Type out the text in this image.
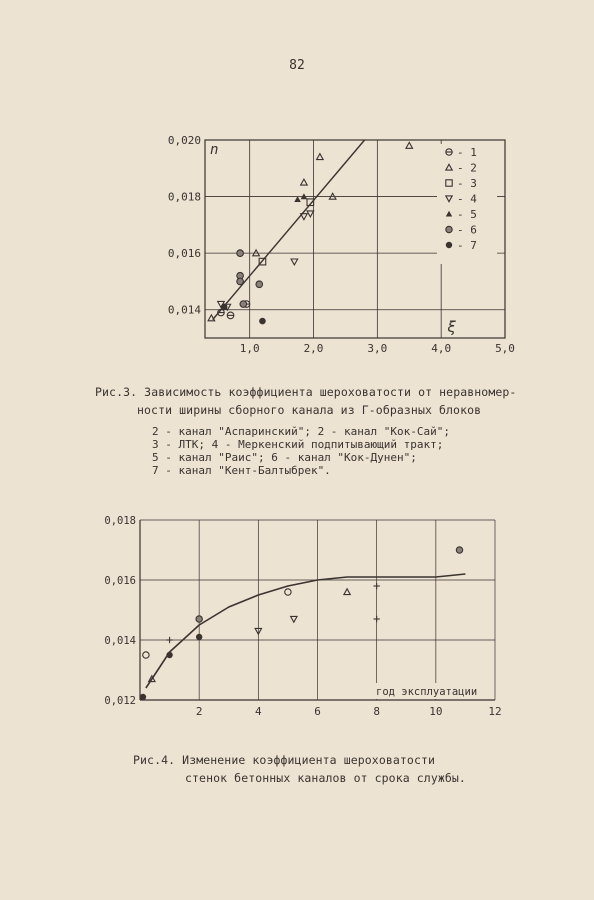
82
0,014
0,016
0,018
0,020
1,0	2,0	3,0	4,0	5,0
n
ξ
- 1
- 2
- 3
- 4
- 5
- 6
- 7
Рис.3. Зависимость коэффициента шероховатости от неравномер-
ности ширины сборного канала из Г-образных блоков
2 - канал "Аспаринский"; 2 - канал "Кок-Сай";
3 - ЛТК; 4 - Меркенский подпитывающий тракт;
5 - канал "Раис"; 6 - канал "Кок-Дунен";
7 - канал "Кент-Балтыбрек".
0,012
0,014
0,016
0,018
2	4	6	8	10	12
год эксплуатации
Рис.4. Изменение коэффициента шероховатости
стенок бетонных каналов от срока службы.
